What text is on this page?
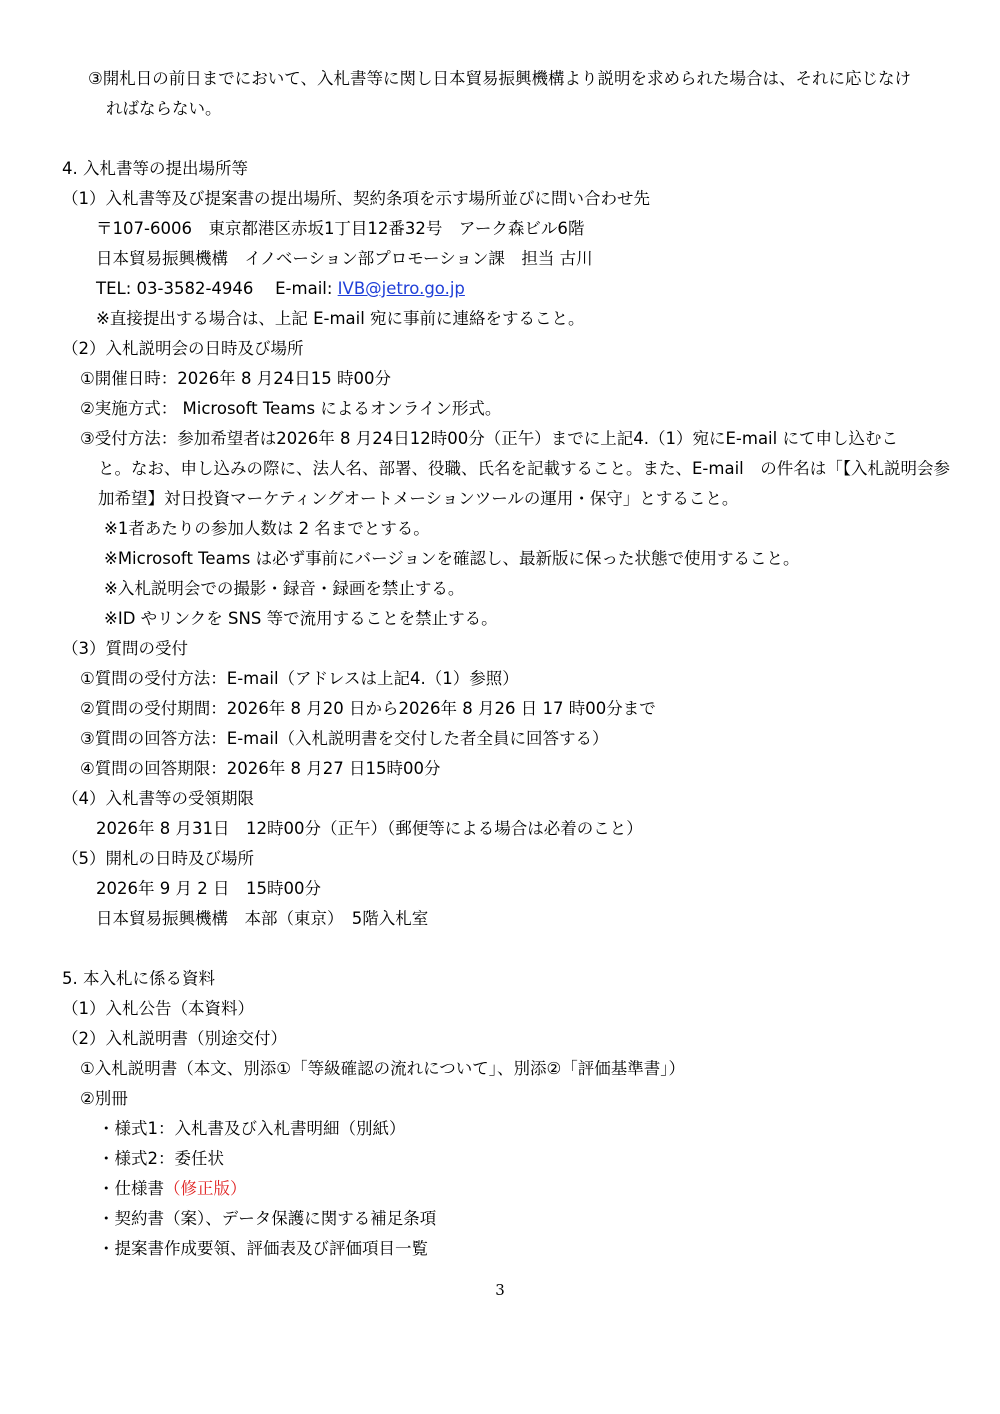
③開札日の前日までにおいて、入札書等に関し日本貿易振興機構より説明を求められた場合は、それに応じなけ
ればならない。
4. 入札書等の提出場所等
（1）入札書等及び提案書の提出場所、契約条項を示す場所並びに問い合わせ先
〒107-6006　東京都港区赤坂1丁目12番32号　アーク森ビル6階
日本貿易振興機構　イノベーション部プロモーション課　担当 古川
TEL: 03-3582-4946　 E-mail: IVB@jetro.go.jp
※直接提出する場合は、上記 E-mail 宛に事前に連絡をすること。
（2）入札説明会の日時及び場所
①開催日時：2026年 8 月24日15 時00分
②実施方式： Microsoft Teams によるオンライン形式。
③受付方法：参加希望者は2026年 8 月24日12時00分（正午）までに上記4.（1）宛にE-mail にて申し込むこ
と。なお、申し込みの際に、法人名、部署、役職、氏名を記載すること。また、E-mail　の件名は「【入札説明会参
加希望】対日投資マーケティングオートメーションツールの運用・保守」とすること。
※1者あたりの参加人数は 2 名までとする。
※Microsoft Teams は必ず事前にバージョンを確認し、最新版に保った状態で使用すること。
※入札説明会での撮影・録音・録画を禁止する。
※ID やリンクを SNS 等で流用することを禁止する。
（3）質問の受付
①質問の受付方法：E-mail（アドレスは上記4.（1）参照）
②質問の受付期間：2026年 8 月20 日から2026年 8 月26 日 17 時00分まで
③質問の回答方法：E-mail（入札説明書を交付した者全員に回答する）
④質問の回答期限：2026年 8 月27 日15時00分
（4）入札書等の受領期限
2026年 8 月31日　12時00分（正午）（郵便等による場合は必着のこと）
（5）開札の日時及び場所
2026年 9 月 2 日　15時00分
日本貿易振興機構　本部（東京）　5階入札室
5. 本入札に係る資料
（1）入札公告（本資料）
（2）入札説明書（別途交付）
①入札説明書（本文、別添①「等級確認の流れについて」、別添②「評価基準書」）
②別冊
・様式1：入札書及び入札書明細（別紙）
・様式2：委任状
・仕様書（修正版）
・契約書（案）、データ保護に関する補足条項
・提案書作成要領、評価表及び評価項目一覧
3
